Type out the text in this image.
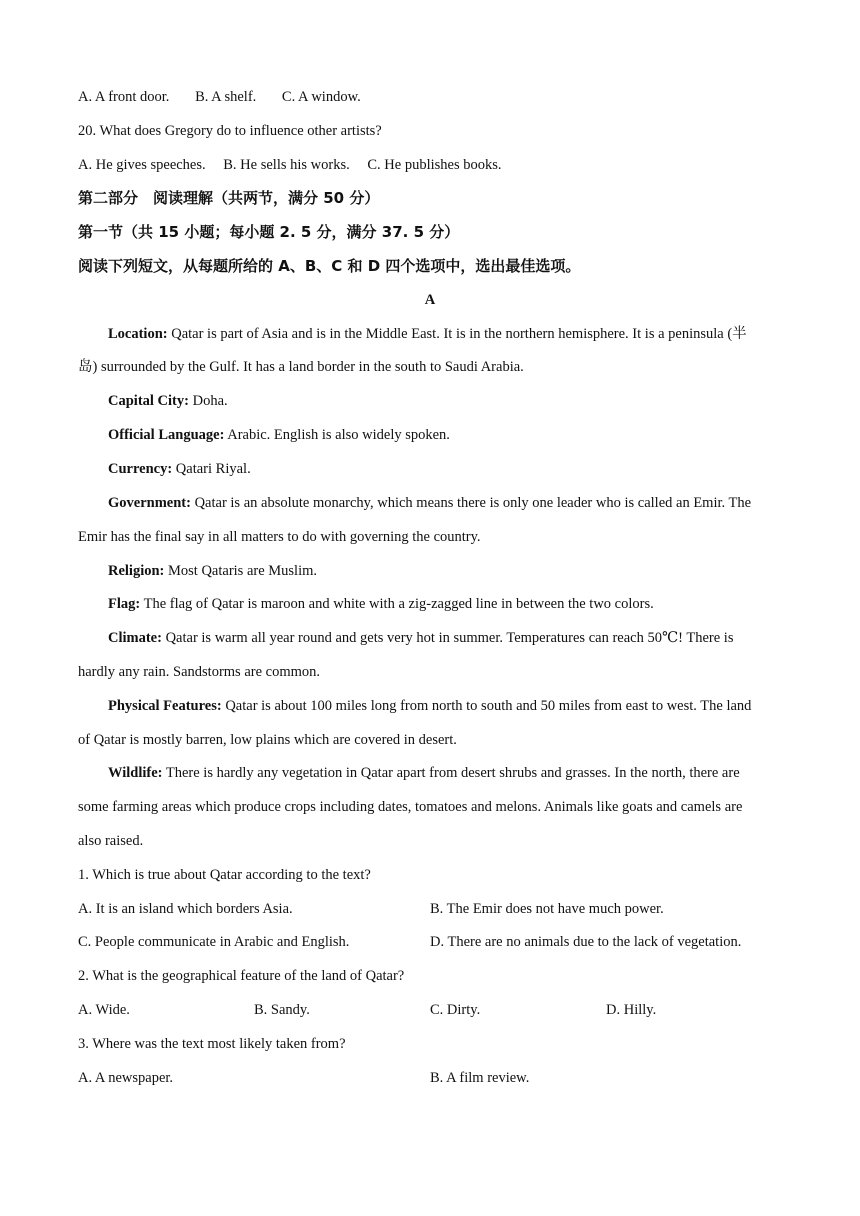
A. A front door. B. A shelf. C. A window.
20. What does Gregory do to influence other artists?
A. He gives speeches. B. He sells his works. C. He publishes books.
第二部分　阅读理解（共两节，满分 50 分）
第一节（共 15 小题；每小题 2. 5 分，满分 37. 5 分）
阅读下列短文，从每题所给的 A、B、C 和 D 四个选项中，选出最佳选项。
A
Location: Qatar is part of Asia and is in the Middle East. It is in the northern hemisphere. It is a peninsula (半
岛) surrounded by the Gulf. It has a land border in the south to Saudi Arabia.
Capital City: Doha.
Official Language: Arabic. English is also widely spoken.
Currency: Qatari Riyal.
Government: Qatar is an absolute monarchy, which means there is only one leader who is called an Emir. The
Emir has the final say in all matters to do with governing the country.
Religion: Most Qataris are Muslim.
Flag: The flag of Qatar is maroon and white with a zig-zagged line in between the two colors.
Climate: Qatar is warm all year round and gets very hot in summer. Temperatures can reach 50℃! There is
hardly any rain. Sandstorms are common.
Physical Features: Qatar is about 100 miles long from north to south and 50 miles from east to west. The land
of Qatar is mostly barren, low plains which are covered in desert.
Wildlife: There is hardly any vegetation in Qatar apart from desert shrubs and grasses. In the north, there are
some farming areas which produce crops including dates, tomatoes and melons. Animals like goats and camels are
also raised.
1. Which is true about Qatar according to the text?
A. It is an island which borders Asia.	B. The Emir does not have much power.
C. People communicate in Arabic and English.	D. There are no animals due to the lack of vegetation.
2. What is the geographical feature of the land of Qatar?
A. Wide.	B. Sandy.	C. Dirty.	D. Hilly.
3. Where was the text most likely taken from?
A. A newspaper.	B. A film review.
